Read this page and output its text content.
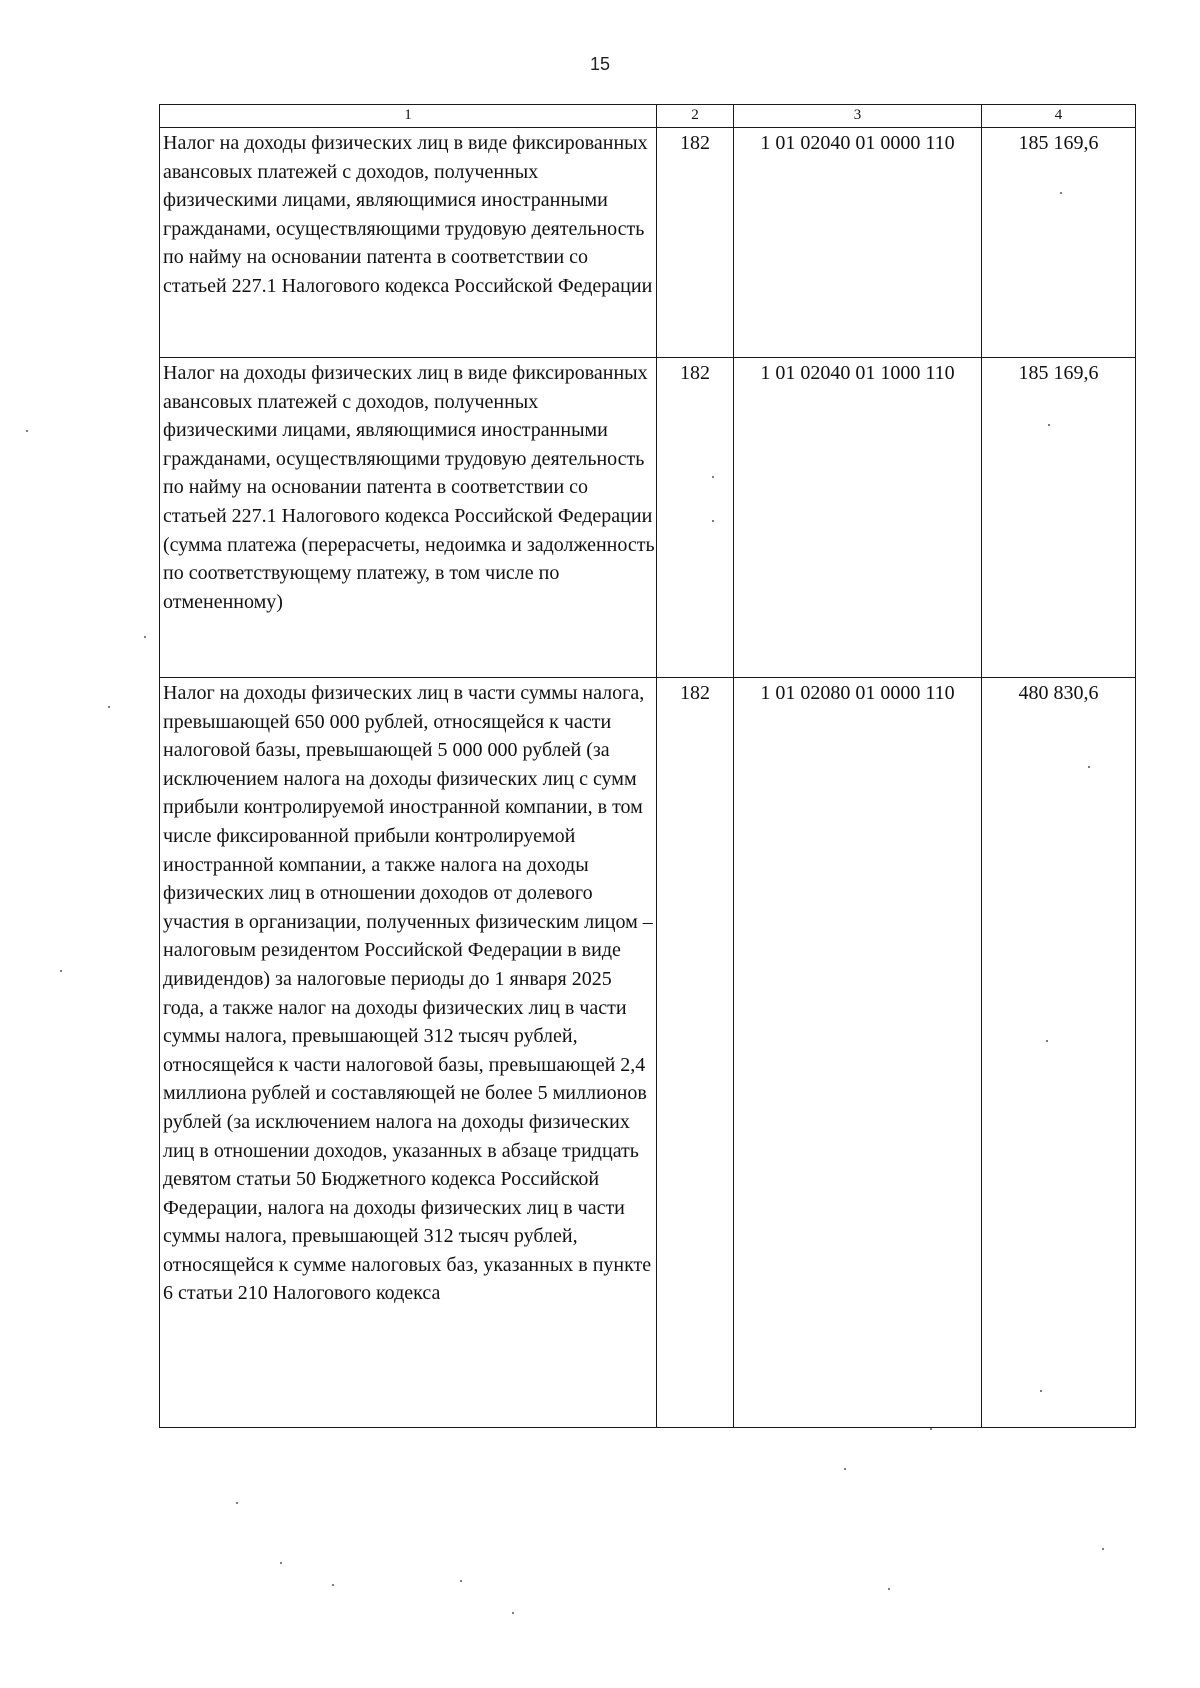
15
1	2	3	4
Налог на доходы физических лиц в виде фиксированных авансовых платежей с доходов, полученных физическими лицами, являющимися иностранными гражданами, осуществляющими трудовую деятельность по найму на основании патента в соответствии со статьей 227.1 Налогового кодекса Российской Федерации	182	1 01 02040 01 0000 110	185 169,6
Налог на доходы физических лиц в виде фиксированных авансовых платежей с доходов, полученных физическими лицами, являющимися иностранными гражданами, осуществляющими трудовую деятельность по найму на основании патента в соответствии со статьей 227.1 Налогового кодекса Российской Федерации (сумма платежа (перерасчеты, недоимка и задолженность по соответствующему платежу, в том числе по отмененному)	182	1 01 02040 01 1000 110	185 169,6
Налог на доходы физических лиц в части суммы налога, превышающей 650 000 рублей, относящейся к части налоговой базы, превышающей 5 000 000 рублей (за исключением налога на доходы физических лиц с сумм прибыли контролируемой иностранной компании, в том числе фиксированной прибыли контролируемой иностранной компании, а также налога на доходы физических лиц в отношении доходов от долевого участия в организации, полученных физическим лицом – налоговым резидентом Российской Федерации в виде дивидендов) за налоговые периоды до 1 января 2025 года, а также налог на доходы физических лиц в части суммы налога, превышающей 312 тысяч рублей, относящейся к части налоговой базы, превышающей 2,4 миллиона рублей и составляющей не более 5 миллионов рублей (за исключением налога на доходы физических лиц в отношении доходов, указанных в абзаце тридцать девятом статьи 50 Бюджетного кодекса Российской Федерации, налога на доходы физических лиц в части суммы налога, превышающей 312 тысяч рублей, относящейся к сумме налоговых баз, указанных в пункте 6 статьи 210 Налогового кодекса	182	1 01 02080 01 0000 110	480 830,6
